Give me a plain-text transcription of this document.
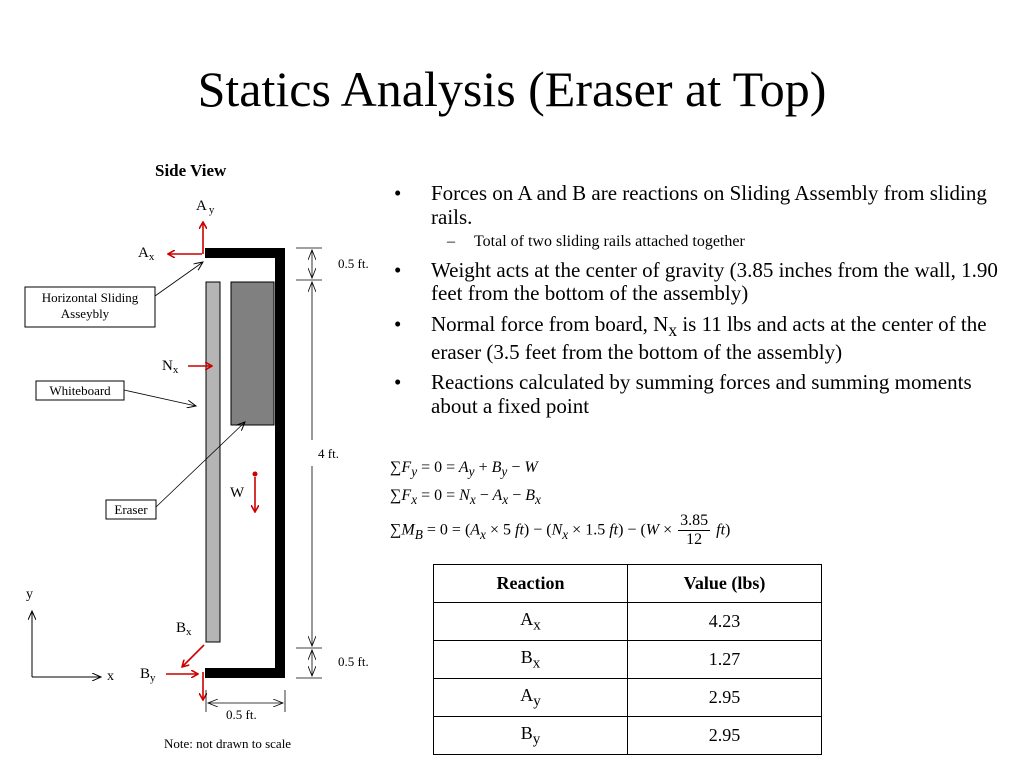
Statics Analysis (Eraser at Top)
Side View
A $_y$
$A_x$
$N_x$
W
$B_x$
$B_y$
Horizontal Sliding
Asseybly
Whiteboard
Eraser
0.5 ft.
4 ft.
0.5 ft.
0.5 ft.
y
x
Note: not drawn to scale
• Forces on A and B are reactions on Sliding Assembly from sliding rails.
– Total of two sliding rails attached together
• Weight acts at the center of gravity (3.85 inches from the wall, 1.90 feet from the bottom of the assembly)
• Normal force from board, $N_x$ is 11 lbs and acts at the center of the eraser (3.5 feet from the bottom of the assembly)
• Reactions calculated by summing forces and summing moments about a fixed point
$\sum F_y = 0 = A_y + B_y - W$
$\sum F_x = 0 = N_x - A_x - B_x$
$\sum M_B = 0 = (A_x \times 5$ $ft) - (N_x \times 1.5$ $ft) - (W \times \frac{3.85}{12} ft)$
Reaction	Value (lbs)
$A_x$	4.23
$B_x$	1.27
$A_y$	2.95
$B_y$	2.95
